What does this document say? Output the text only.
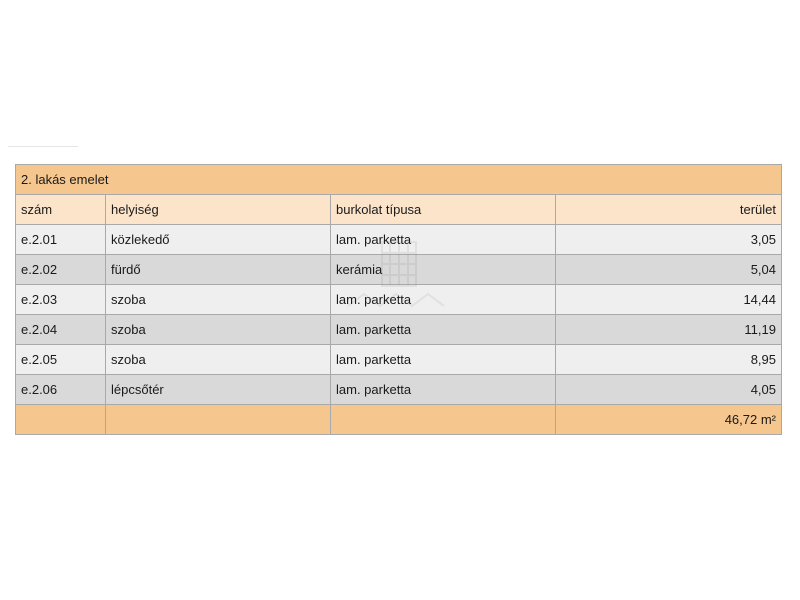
2. lakás emelet			
szám	helyiség	burkolat típusa	terület
e.2.01	közlekedő	lam. parketta	3,05
e.2.02	fürdő	kerámia	5,04
e.2.03	szoba	lam. parketta	14,44
e.2.04	szoba	lam. parketta	11,19
e.2.05	szoba	lam. parketta	8,95
e.2.06	lépcsőtér	lam. parketta	4,05
			46,72 m²
